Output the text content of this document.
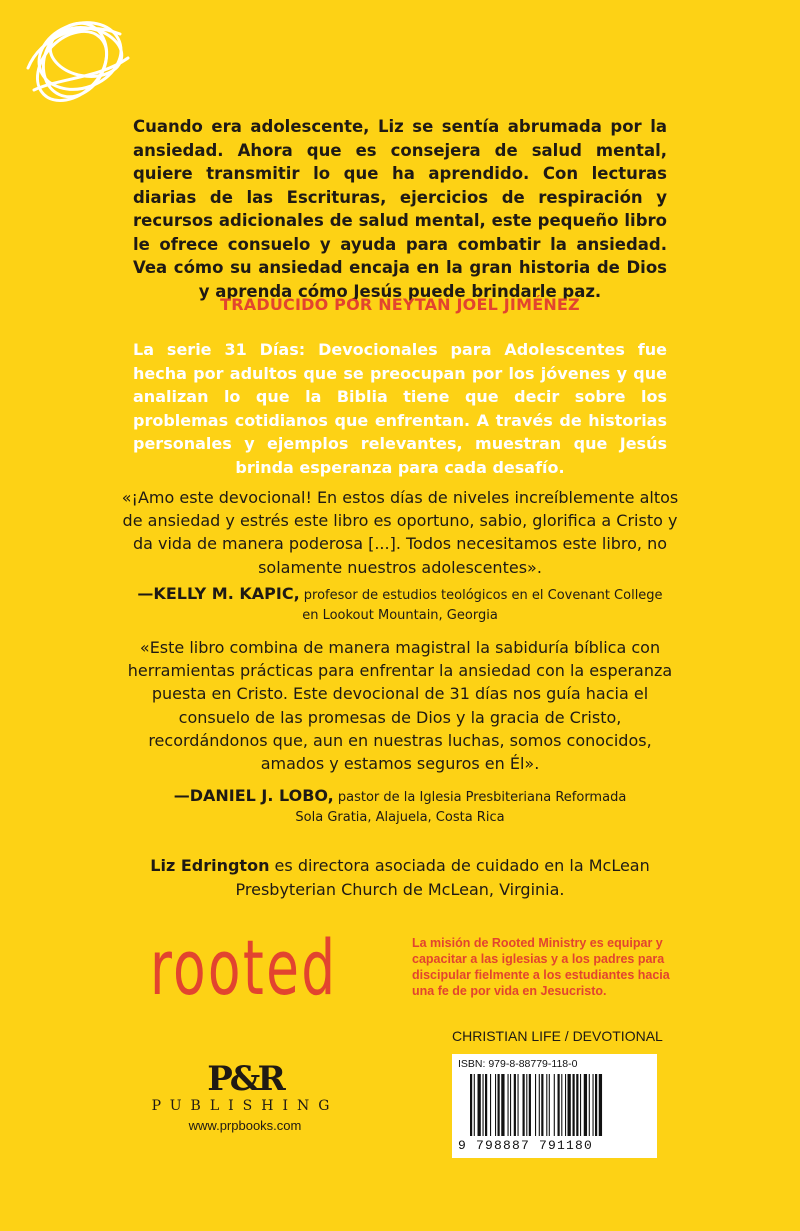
Cuando era adolescente, Liz se sentía abrumada por la ansiedad. Ahora que es consejera de salud mental, quiere transmitir lo que ha aprendido. Con lecturas diarias de las Escrituras, ejercicios de respiración y recursos adicionales de salud mental, este pequeño libro le ofrece consuelo y ayuda para combatir la ansiedad. Vea cómo su ansiedad encaja en la gran historia de Dios y aprenda cómo Jesús puede brindarle paz.
TRADUCIDO POR NEYTAN JOEL JIMÉNEZ
La serie 31 Días: Devocionales para Adolescentes fue hecha por adultos que se preocupan por los jóvenes y que analizan lo que la Biblia tiene que decir sobre los problemas cotidianos que enfrentan. A través de historias personales y ejemplos relevantes, muestran que Jesús brinda esperanza para cada desafío.
«¡Amo este devocional! En estos días de niveles increíblemente altos de ansiedad y estrés este libro es oportuno, sabio, glorifica a Cristo y da vida de manera poderosa [...]. Todos necesitamos este libro, no solamente nuestros adolescentes».
—KELLY M. KAPIC, profesor de estudios teológicos en el Covenant College
en Lookout Mountain, Georgia
«Este libro combina de manera magistral la sabiduría bíblica con herramientas prácticas para enfrentar la ansiedad con la esperanza puesta en Cristo. Este devocional de 31 días nos guía hacia el consuelo de las promesas de Dios y la gracia de Cristo, recordándonos que, aun en nuestras luchas, somos conocidos, amados y estamos seguros en Él».
—DANIEL J. LOBO, pastor de la Iglesia Presbiteriana Reformada
Sola Gratia, Alajuela, Costa Rica
Liz Edrington es directora asociada de cuidado en la McLean Presbyterian Church de McLean, Virginia.
rooted	La misión de Rooted Ministry es equipar y capacitar a las iglesias y a los padres para discipular fielmente a los estudiantes hacia una fe de por vida en Jesucristo.
CHRISTIAN LIFE / DEVOTIONAL
ISBN: 979-8-88779-118-0
9 798887 791180
P&R
PUBLISHING
www.prpbooks.com
